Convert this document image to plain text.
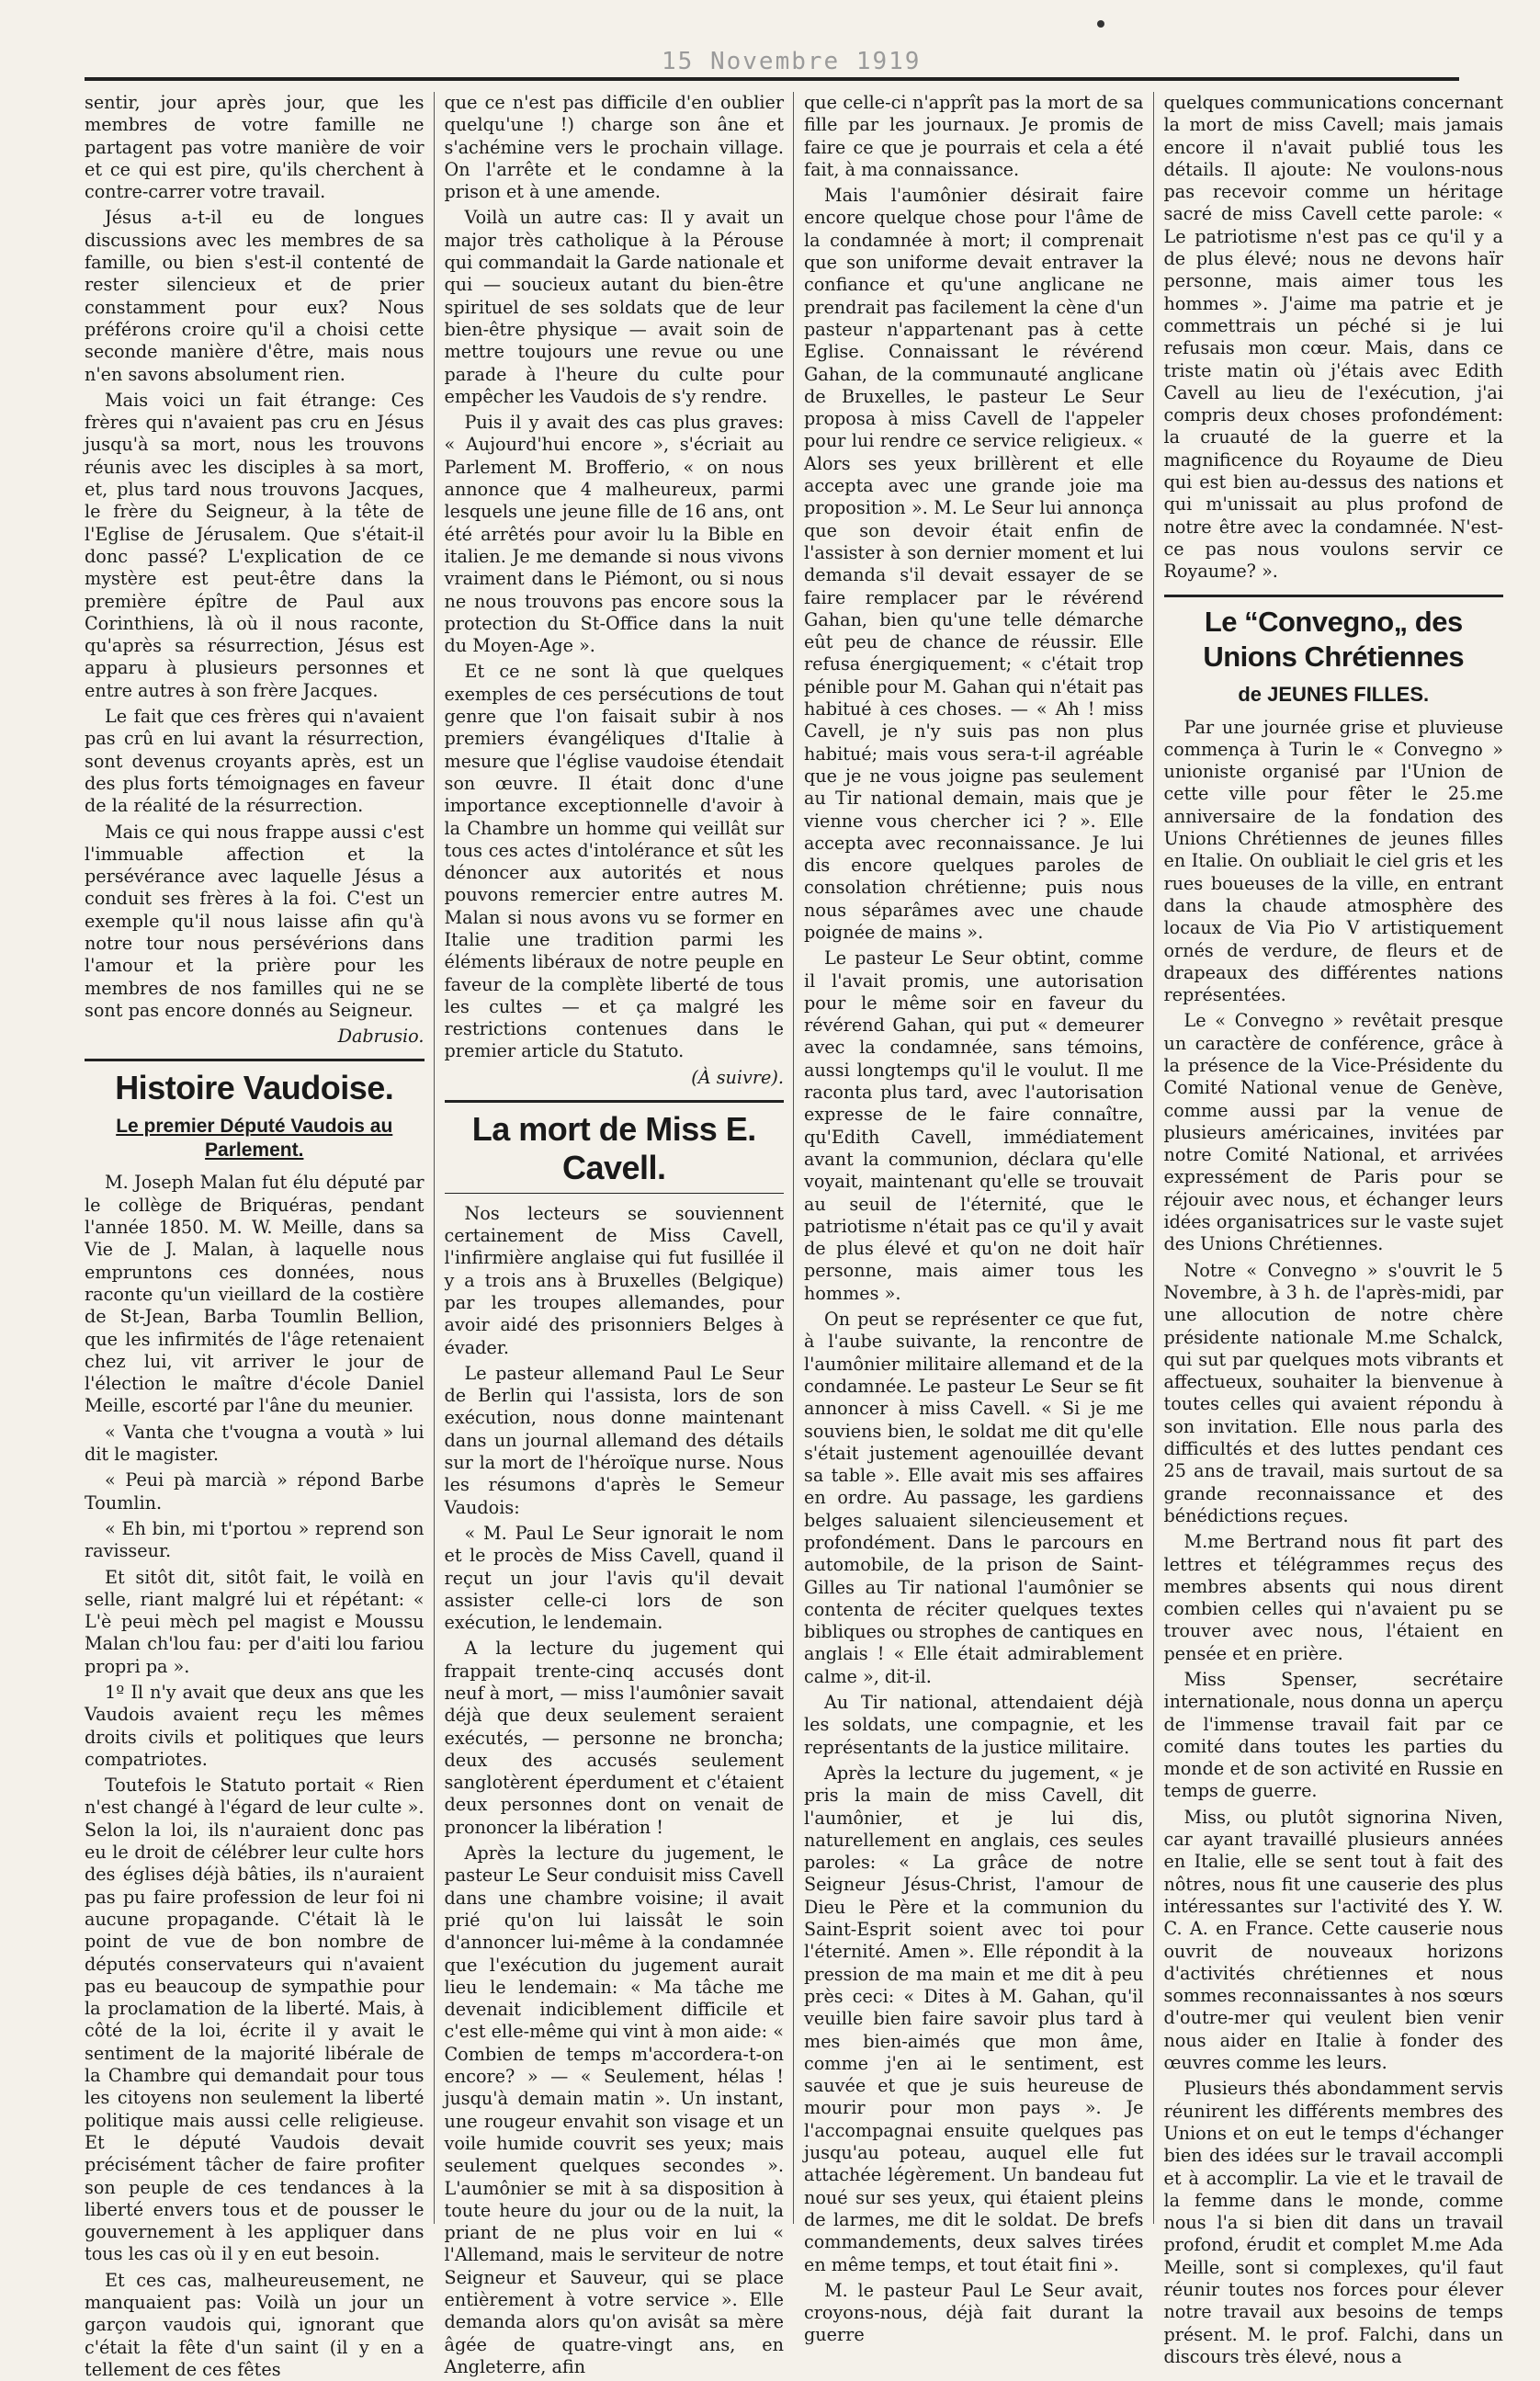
15 Novembre 1919

sentir, jour après jour, que les membres de votre famille ne partagent pas votre manière de voir et ce qui est pire, qu'ils cherchent à contre-carrer votre travail.

Jésus a-t-il eu de longues discussions avec les membres de sa famille, ou bien s'est-il contenté de rester silencieux et de prier constamment pour eux? Nous préférons croire qu'il a choisi cette seconde manière d'être, mais nous n'en savons absolument rien.

Mais voici un fait étrange: Ces frères qui n'avaient pas cru en Jésus jusqu'à sa mort, nous les trouvons réunis avec les disciples à sa mort, et, plus tard nous trouvons Jacques, le frère du Seigneur, à la tête de l'Eglise de Jérusalem. Que s'était-il donc passé? L'explication de ce mystère est peut-être dans la première épître de Paul aux Corinthiens, là où il nous raconte, qu'après sa résurrection, Jésus est apparu à plusieurs personnes et entre autres à son frère Jacques.

Le fait que ces frères qui n'avaient pas crû en lui avant la résurrection, sont devenus croyants après, est un des plus forts témoignages en faveur de la réalité de la résurrection.

Mais ce qui nous frappe aussi c'est l'immuable affection et la persévérance avec laquelle Jésus a conduit ses frères à la foi. C'est un exemple qu'il nous laisse afin qu'à notre tour nous persévérions dans l'amour et la prière pour les membres de nos familles qui ne se sont pas encore donnés au Seigneur.

Dabrusio.

Histoire Vaudoise.
Le premier Député Vaudois au Parlement.

M. Joseph Malan fut élu député par le collège de Briquéras, pendant l'année 1850. M. W. Meille, dans sa Vie de J. Malan, à laquelle nous empruntons ces données, nous raconte qu'un vieillard de la costière de St-Jean, Barba Toumlin Bellion, que les infirmités de l'âge retenaient chez lui, vit arriver le jour de l'élection le maître d'école Daniel Meille, escorté par l'âne du meunier.

« Vanta che t'vougna a voutà » lui dit le magister.

« Peui pà marcià » répond Barbe Toumlin.

« Eh bin, mi t'portou » reprend son ravisseur.

Et sitôt dit, sitôt fait, le voilà en selle, riant malgré lui et répétant: « L'è peui mèch pel magist e Moussu Malan ch'lou fau: per d'aiti lou fariou propri pa ».

1º Il n'y avait que deux ans que les Vaudois avaient reçu les mêmes droits civils et politiques que leurs compatriotes.

Toutefois le Statuto portait « Rien n'est changé à l'égard de leur culte ». Selon la loi, ils n'auraient donc pas eu le droit de célébrer leur culte hors des églises déjà bâties, ils n'auraient pas pu faire profession de leur foi ni aucune propagande. C'était là le point de vue de bon nombre de députés conservateurs qui n'avaient pas eu beaucoup de sympathie pour la proclamation de la liberté. Mais, à côté de la loi, écrite il y avait le sentiment de la majorité libérale de la Chambre qui demandait pour tous les citoyens non seulement la liberté politique mais aussi celle religieuse. Et le député Vaudois devait précisément tâcher de faire profiter son peuple de ces tendances à la liberté envers tous et de pousser le gouvernement à les appliquer dans tous les cas où il y en eut besoin.

Et ces cas, malheureusement, ne manquaient pas: Voilà un jour un garçon vaudois qui, ignorant que c'était la fête d'un saint (il y en a tellement de ces fêtes

que ce n'est pas difficile d'en oublier quelqu'une !) charge son âne et s'achémine vers le prochain village. On l'arrête et le condamne à la prison et à une amende.

Voilà un autre cas: Il y avait un major très catholique à la Pérouse qui commandait la Garde nationale et qui — soucieux autant du bien-être spirituel de ses soldats que de leur bien-être physique — avait soin de mettre toujours une revue ou une parade à l'heure du culte pour empêcher les Vaudois de s'y rendre.

Puis il y avait des cas plus graves: « Aujourd'hui encore », s'écriait au Parlement M. Brofferio, « on nous annonce que 4 malheureux, parmi lesquels une jeune fille de 16 ans, ont été arrêtés pour avoir lu la Bible en italien. Je me demande si nous vivons vraiment dans le Piémont, ou si nous ne nous trouvons pas encore sous la protection du St-Office dans la nuit du Moyen-Age ».

Et ce ne sont là que quelques exemples de ces persécutions de tout genre que l'on faisait subir à nos premiers évangéliques d'Italie à mesure que l'église vaudoise étendait son œuvre. Il était donc d'une importance exceptionnelle d'avoir à la Chambre un homme qui veillât sur tous ces actes d'intolérance et sût les dénoncer aux autorités et nous pouvons remercier entre autres M. Malan si nous avons vu se former en Italie une tradition parmi les éléments libéraux de notre peuple en faveur de la complète liberté de tous les cultes — et ça malgré les restrictions contenues dans le premier article du Statuto.

(À suivre).

La mort de Miss E. Cavell.

Nos lecteurs se souviennent certainement de Miss Cavell, l'infirmière anglaise qui fut fusillée il y a trois ans à Bruxelles (Belgique) par les troupes allemandes, pour avoir aidé des prisonniers Belges à évader.

Le pasteur allemand Paul Le Seur de Berlin qui l'assista, lors de son exécution, nous donne maintenant dans un journal allemand des détails sur la mort de l'héroïque nurse. Nous les résumons d'après le Semeur Vaudois:

« M. Paul Le Seur ignorait le nom et le procès de Miss Cavell, quand il reçut un jour l'avis qu'il devait assister celle-ci lors de son exécution, le lendemain.

A la lecture du jugement qui frappait trente-cinq accusés dont neuf à mort, — miss l'aumônier savait déjà que deux seulement seraient exécutés, — personne ne broncha; deux des accusés seulement sanglotèrent éperdument et c'étaient deux personnes dont on venait de prononcer la libération !

Après la lecture du jugement, le pasteur Le Seur conduisit miss Cavell dans une chambre voisine; il avait prié qu'on lui laissât le soin d'annoncer lui-même à la condamnée que l'exécution du jugement aurait lieu le lendemain: « Ma tâche me devenait indiciblement difficile et c'est elle-même qui vint à mon aide: « Combien de temps m'accordera-t-on encore? » — « Seulement, hélas ! jusqu'à demain matin ». Un instant, une rougeur envahit son visage et un voile humide couvrit ses yeux; mais seulement quelques secondes ». L'aumônier se mit à sa disposition à toute heure du jour ou de la nuit, la priant de ne plus voir en lui « l'Allemand, mais le serviteur de notre Seigneur et Sauveur, qui se place entièrement à votre service ». Elle demanda alors qu'on avisât sa mère âgée de quatre-vingt ans, en Angleterre, afin

que celle-ci n'apprît pas la mort de sa fille par les journaux. Je promis de faire ce que je pourrais et cela a été fait, à ma connaissance.

Mais l'aumônier désirait faire encore quelque chose pour l'âme de la condamnée à mort; il comprenait que son uniforme devait entraver la confiance et qu'une anglicane ne prendrait pas facilement la cène d'un pasteur n'appartenant pas à cette Eglise. Connaissant le révérend Gahan, de la communauté anglicane de Bruxelles, le pasteur Le Seur proposa à miss Cavell de l'appeler pour lui rendre ce service religieux. « Alors ses yeux brillèrent et elle accepta avec une grande joie ma proposition ». M. Le Seur lui annonça que son devoir était enfin de l'assister à son dernier moment et lui demanda s'il devait essayer de se faire remplacer par le révérend Gahan, bien qu'une telle démarche eût peu de chance de réussir. Elle refusa énergiquement; « c'était trop pénible pour M. Gahan qui n'était pas habitué à ces choses. — « Ah ! miss Cavell, je n'y suis pas non plus habitué; mais vous sera-t-il agréable que je ne vous joigne pas seulement au Tir national demain, mais que je vienne vous chercher ici ? ». Elle accepta avec reconnaissance. Je lui dis encore quelques paroles de consolation chrétienne; puis nous nous séparâmes avec une chaude poignée de mains ».

Le pasteur Le Seur obtint, comme il l'avait promis, une autorisation pour le même soir en faveur du révérend Gahan, qui put « demeurer avec la condamnée, sans témoins, aussi longtemps qu'il le voulut. Il me raconta plus tard, avec l'autorisation expresse de le faire connaître, qu'Edith Cavell, immédiatement avant la communion, déclara qu'elle voyait, maintenant qu'elle se trouvait au seuil de l'éternité, que le patriotisme n'était pas ce qu'il y avait de plus élevé et qu'on ne doit haïr personne, mais aimer tous les hommes ».

On peut se représenter ce que fut, à l'aube suivante, la rencontre de l'aumônier militaire allemand et de la condamnée. Le pasteur Le Seur se fit annoncer à miss Cavell. « Si je me souviens bien, le soldat me dit qu'elle s'était justement agenouillée devant sa table ». Elle avait mis ses affaires en ordre. Au passage, les gardiens belges saluaient silencieusement et profondément. Dans le parcours en automobile, de la prison de Saint-Gilles au Tir national l'aumônier se contenta de réciter quelques textes bibliques ou strophes de cantiques en anglais ! « Elle était admirablement calme », dit-il.

Au Tir national, attendaient déjà les soldats, une compagnie, et les représentants de la justice militaire.

Après la lecture du jugement, « je pris la main de miss Cavell, dit l'aumônier, et je lui dis, naturellement en anglais, ces seules paroles: « La grâce de notre Seigneur Jésus-Christ, l'amour de Dieu le Père et la communion du Saint-Esprit soient avec toi pour l'éternité. Amen ». Elle répondit à la pression de ma main et me dit à peu près ceci: « Dites à M. Gahan, qu'il veuille bien faire savoir plus tard à mes bien-aimés que mon âme, comme j'en ai le sentiment, est sauvée et que je suis heureuse de mourir pour mon pays ». Je l'accompagnai ensuite quelques pas jusqu'au poteau, auquel elle fut attachée légèrement. Un bandeau fut noué sur ses yeux, qui étaient pleins de larmes, me dit le soldat. De brefs commandements, deux salves tirées en même temps, et tout était fini ».

M. le pasteur Paul Le Seur avait, croyons-nous, déjà fait durant la guerre

quelques communications concernant la mort de miss Cavell; mais jamais encore il n'avait publié tous les détails. Il ajoute: Ne voulons-nous pas recevoir comme un héritage sacré de miss Cavell cette parole: « Le patriotisme n'est pas ce qu'il y a de plus élevé; nous ne devons haïr personne, mais aimer tous les hommes ». J'aime ma patrie et je commettrais un péché si je lui refusais mon cœur. Mais, dans ce triste matin où j'étais avec Edith Cavell au lieu de l'exécution, j'ai compris deux choses profondément: la cruauté de la guerre et la magnificence du Royaume de Dieu qui est bien au-dessus des nations et qui m'unissait au plus profond de notre être avec la condamnée. N'est-ce pas nous voulons servir ce Royaume? ».

Le “Convegno„ des Unions Chrétiennes
de JEUNES FILLES.

Par une journée grise et pluvieuse commença à Turin le « Convegno » unioniste organisé par l'Union de cette ville pour fêter le 25.me anniversaire de la fondation des Unions Chrétiennes de jeunes filles en Italie. On oubliait le ciel gris et les rues boueuses de la ville, en entrant dans la chaude atmosphère des locaux de Via Pio V artistiquement ornés de verdure, de fleurs et de drapeaux des différentes nations représentées.

Le « Convegno » revêtait presque un caractère de conférence, grâce à la présence de la Vice-Présidente du Comité National venue de Genève, comme aussi par la venue de plusieurs américaines, invitées par notre Comité National, et arrivées expressément de Paris pour se réjouir avec nous, et échanger leurs idées organisatrices sur le vaste sujet des Unions Chrétiennes.

Notre « Convegno » s'ouvrit le 5 Novembre, à 3 h. de l'après-midi, par une allocution de notre chère présidente nationale M.me Schalck, qui sut par quelques mots vibrants et affectueux, souhaiter la bienvenue à toutes celles qui avaient répondu à son invitation. Elle nous parla des difficultés et des luttes pendant ces 25 ans de travail, mais surtout de sa grande reconnaissance et des bénédictions reçues.

M.me Bertrand nous fit part des lettres et télégrammes reçus des membres absents qui nous dirent combien celles qui n'avaient pu se trouver avec nous, l'étaient en pensée et en prière.

Miss Spenser, secrétaire internationale, nous donna un aperçu de l'immense travail fait par ce comité dans toutes les parties du monde et de son activité en Russie en temps de guerre.

Miss, ou plutôt signorina Niven, car ayant travaillé plusieurs années en Italie, elle se sent tout à fait des nôtres, nous fit une causerie des plus intéressantes sur l'activité des Y. W. C. A. en France. Cette causerie nous ouvrit de nouveaux horizons d'activités chrétiennes et nous sommes reconnaissantes à nos sœurs d'outre-mer qui veulent bien venir nous aider en Italie à fonder des œuvres comme les leurs.

Plusieurs thés abondamment servis réunirent les différents membres des Unions et on eut le temps d'échanger bien des idées sur le travail accompli et à accomplir. La vie et le travail de la femme dans le monde, comme nous l'a si bien dit dans un travail profond, érudit et complet M.me Ada Meille, sont si complexes, qu'il faut réunir toutes nos forces pour élever notre travail aux besoins de temps présent. M. le prof. Falchi, dans un discours très élevé, nous a
